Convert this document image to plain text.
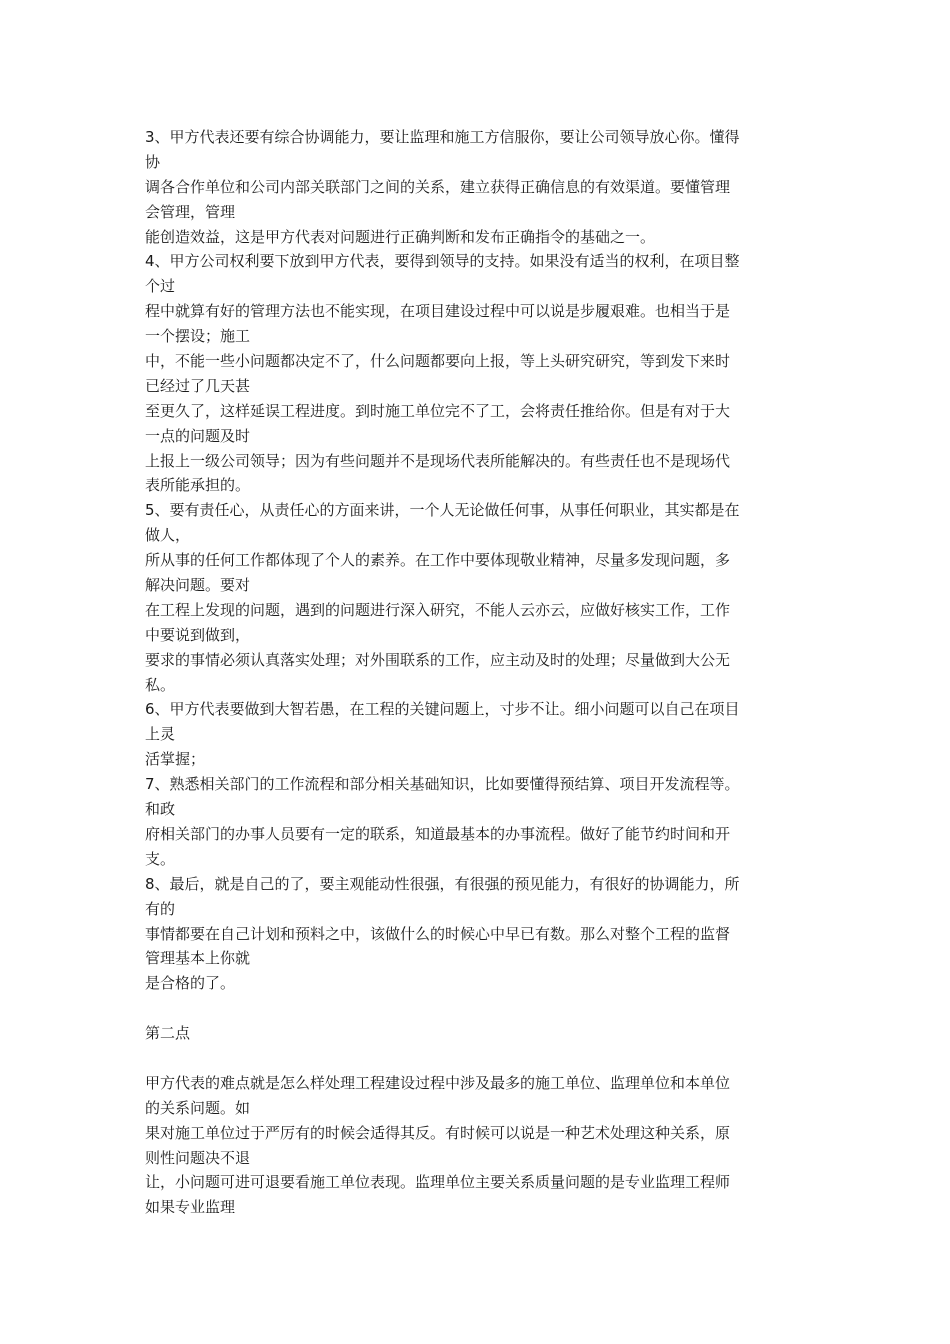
3、甲方代表还要有综合协调能力，要让监理和施工方信服你，要让公司领导放心你。懂得
协
调各合作单位和公司内部关联部门之间的关系，建立获得正确信息的有效渠道。要懂管理
会管理，管理
能创造效益，这是甲方代表对问题进行正确判断和发布正确指令的基础之一。
4、甲方公司权利要下放到甲方代表，要得到领导的支持。如果没有适当的权利，在项目整
个过
程中就算有好的管理方法也不能实现，在项目建设过程中可以说是步履艰难。也相当于是
一个摆设；施工
中，不能一些小问题都决定不了，什么问题都要向上报，等上头研究研究，等到发下来时
已经过了几天甚
至更久了，这样延误工程进度。到时施工单位完不了工，会将责任推给你。但是有对于大
一点的问题及时
上报上一级公司领导；因为有些问题并不是现场代表所能解决的。有些责任也不是现场代
表所能承担的。
5、要有责任心，从责任心的方面来讲，一个人无论做任何事，从事任何职业，其实都是在
做人，
所从事的任何工作都体现了个人的素养。在工作中要体现敬业精神，尽量多发现问题，多
解决问题。要对
在工程上发现的问题，遇到的问题进行深入研究，不能人云亦云，应做好核实工作，工作
中要说到做到，
要求的事情必须认真落实处理；对外围联系的工作，应主动及时的处理；尽量做到大公无
私。
6、甲方代表要做到大智若愚，在工程的关键问题上，寸步不让。细小问题可以自己在项目
上灵
活掌握；
7、熟悉相关部门的工作流程和部分相关基础知识，比如要懂得预结算、项目开发流程等。
和政
府相关部门的办事人员要有一定的联系，知道最基本的办事流程。做好了能节约时间和开
支。
8、最后，就是自己的了，要主观能动性很强，有很强的预见能力，有很好的协调能力，所
有的
事情都要在自己计划和预料之中，该做什么的时候心中早已有数。那么对整个工程的监督
管理基本上你就
是合格的了。
第二点
甲方代表的难点就是怎么样处理工程建设过程中涉及最多的施工单位、监理单位和本单位
的关系问题。如
果对施工单位过于严厉有的时候会适得其反。有时候可以说是一种艺术处理这种关系，原
则性问题决不退
让，小问题可进可退要看施工单位表现。监理单位主要关系质量问题的是专业监理工程师
如果专业监理
